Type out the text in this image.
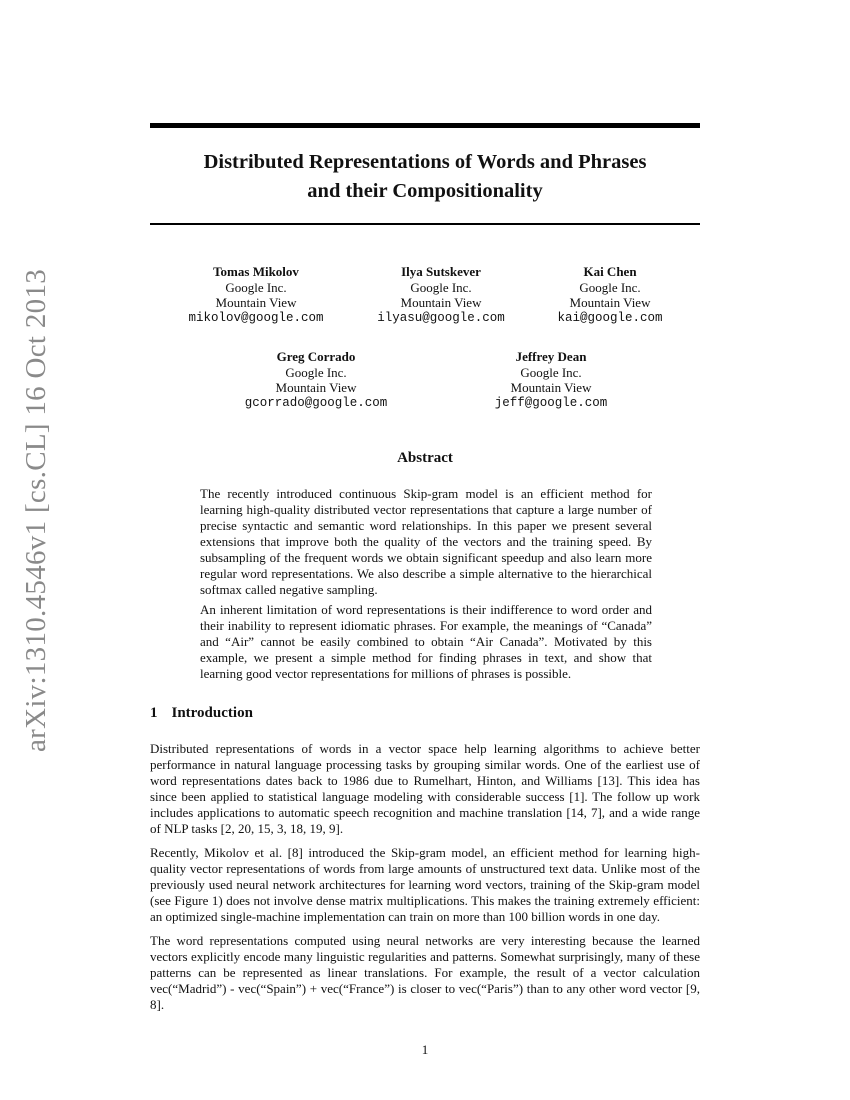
arXiv:1310.4546v1 [cs.CL] 16 Oct 2013
Distributed Representations of Words and Phrases
and their Compositionality
Tomas Mikolov
Google Inc.
Mountain View
mikolov@google.com
Ilya Sutskever
Google Inc.
Mountain View
ilyasu@google.com
Kai Chen
Google Inc.
Mountain View
kai@google.com
Greg Corrado
Google Inc.
Mountain View
gcorrado@google.com
Jeffrey Dean
Google Inc.
Mountain View
jeff@google.com
Abstract

The recently introduced continuous Skip-gram model is an efficient method for learning high-quality distributed vector representations that capture a large number of precise syntactic and semantic word relationships. In this paper we present several extensions that improve both the quality of the vectors and the training speed. By subsampling of the frequent words we obtain significant speedup and also learn more regular word representations. We also describe a simple alternative to the hierarchical softmax called negative sampling.

An inherent limitation of word representations is their indifference to word order and their inability to represent idiomatic phrases. For example, the meanings of “Canada” and “Air” cannot be easily combined to obtain “Air Canada”. Motivated by this example, we present a simple method for finding phrases in text, and show that learning good vector representations for millions of phrases is possible.

1 Introduction

Distributed representations of words in a vector space help learning algorithms to achieve better performance in natural language processing tasks by grouping similar words. One of the earliest use of word representations dates back to 1986 due to Rumelhart, Hinton, and Williams [13]. This idea has since been applied to statistical language modeling with considerable success [1]. The follow up work includes applications to automatic speech recognition and machine translation [14, 7], and a wide range of NLP tasks [2, 20, 15, 3, 18, 19, 9].

Recently, Mikolov et al. [8] introduced the Skip-gram model, an efficient method for learning high-quality vector representations of words from large amounts of unstructured text data. Unlike most of the previously used neural network architectures for learning word vectors, training of the Skip-gram model (see Figure 1) does not involve dense matrix multiplications. This makes the training extremely efficient: an optimized single-machine implementation can train on more than 100 billion words in one day.

The word representations computed using neural networks are very interesting because the learned vectors explicitly encode many linguistic regularities and patterns. Somewhat surprisingly, many of these patterns can be represented as linear translations. For example, the result of a vector calculation vec(“Madrid”) - vec(“Spain”) + vec(“France”) is closer to vec(“Paris”) than to any other word vector [9, 8].

1
